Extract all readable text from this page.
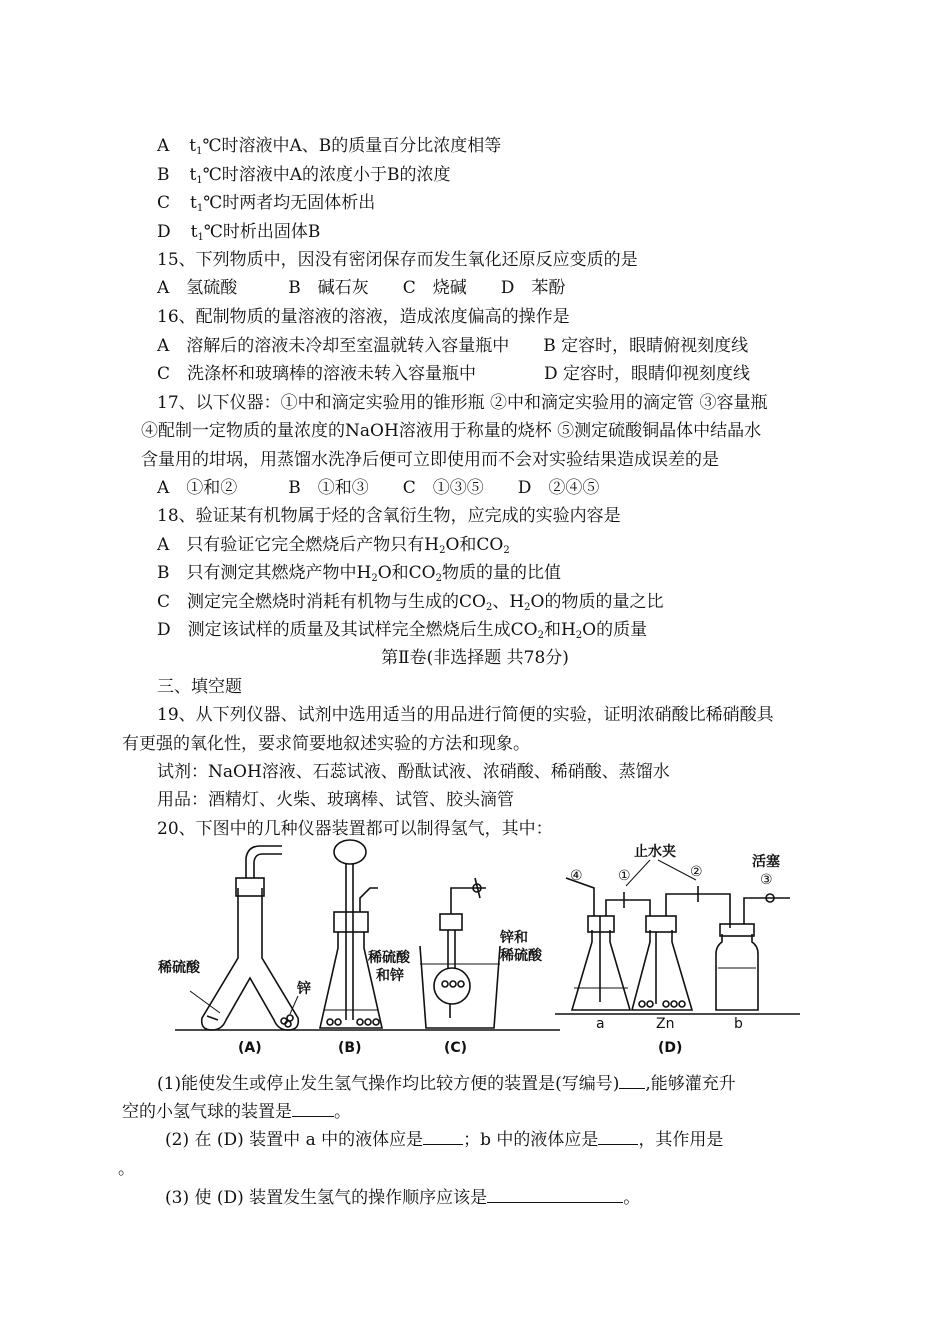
A $t_1℃$时溶液中A、B的质量百分比浓度相等
B $t_1℃$时溶液中A的浓度小于B的浓度
C $t_1℃$时两者均无固体析出
D $t_1℃$时析出固体B
15、下列物质中，因没有密闭保存而发生氧化还原反应变质的是
A　氢硫酸　　　B　碱石灰　　C　烧碱　　D　苯酚
16、配制物质的量溶液的溶液，造成浓度偏高的操作是
A　溶解后的溶液未冷却至室温就转入容量瓶中　　B 定容时，眼睛俯视刻度线
C　洗涤杯和玻璃棒的溶液未转入容量瓶中　　　　D 定容时，眼睛仰视刻度线
17、以下仪器：①中和滴定实验用的锥形瓶 ②中和滴定实验用的滴定管 ③容量瓶
④配制一定物质的量浓度的NaOH溶液用于称量的烧杯 ⑤测定硫酸铜晶体中结晶水
含量用的坩埚，用蒸馏水洗净后便可立即使用而不会对实验结果造成误差的是
A　①和②　　　B　①和③　　C　①③⑤　　D　②④⑤
18、验证某有机物属于烃的含氧衍生物，应完成的实验内容是
A　只有验证它完全燃烧后产物只有$H_2O$和$CO_2$
B　只有测定其燃烧产物中$H_2O$和$CO_2$物质的量的比值
C　测定完全燃烧时消耗有机物与生成的$CO_2$、$H_2O$的物质的量之比
D　测定该试样的质量及其试样完全燃烧后生成$CO_2$和$H_2O$的质量
第Ⅱ卷(非选择题 共78分)
三、填空题
19、从下列仪器、试剂中选用适当的用品进行简便的实验，证明浓硝酸比稀硝酸具
有更强的氧化性，要求简要地叙述实验的方法和现象。
试剂：NaOH溶液、石蕊试液、酚酞试液、浓硝酸、稀硝酸、蒸馏水
用品：酒精灯、火柴、玻璃棒、试管、胶头滴管
20、下图中的几种仪器装置都可以制得氢气，其中：
稀硫酸
锌
稀硫酸
和锌
锌和
稀硫酸
止水夹
活塞
④	①	②	③
a	Zn	b
(A)	(B)	(C)	(D)
(1)能使发生或停止发生氢气操作均比较方便的装置是(写编号) ,能够灌充升
空的小氢气球的装置是 。
(2) 在 (D) 装置中 a 中的液体应是 ；b 中的液体应是 ，其作用是
。
(3) 使 (D) 装置发生氢气的操作顺序应该是	。
